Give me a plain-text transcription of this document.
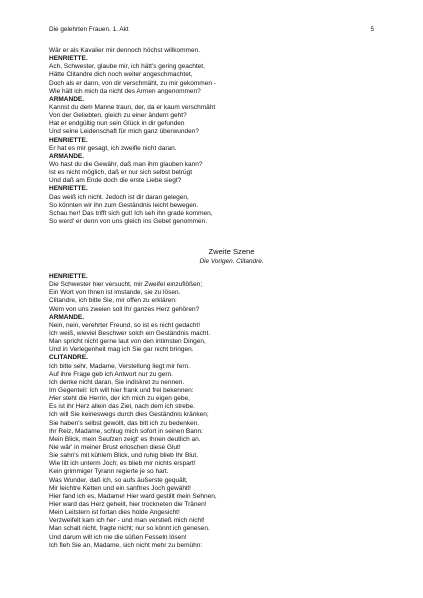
Die gelehrten Frauen. 1. Akt	5
Wär er als Kavalier mir dennoch höchst willkommen.
HENRIETTE.
Ach, Schwester, glaube mir, ich hätt's gering geachtet,
Hätte Clitandre dich noch weiter angeschmachtet,
Doch als er dann, von dir verschmäht, zu mir gekommen -
Wie hält ich mich da nicht des Armen angenommen?
ARMANDE.
Kannst du dem Manne traun, der, da er kaum verschmäht
Von der Geliebten, gleich zu einer ändern geht?
Hat er endgültig nun sein Glück in dir gefunden
Und seine Leidenschaft für mich ganz überwunden?
HENRIETTE.
Er hat es mir gesagt, ich zweifle nicht daran.
ARMANDE.
Wo hast du die Gewähr, daß man ihm glauben kann?
Ist es nicht möglich, daß er nur sich selbst betrügt
Und daß am Ende doch die erste Liebe siegt?
HENRIETTE.
Das weiß ich nicht. Jedoch ist dir daran gelegen,
So könnten wir ihn zum Geständnis leicht bewegen.
Schau her! Das trifft sich gut! Ich seh ihn grade kommen,
So werd' er denn von uns gleich ins Gebet genommen.
Zweite Szene
Die Vorigen. Clitandre.
HENRIETTE.
Die Schwester hier versucht, mir Zweifel einzuflößen;
Ein Wort von Ihnen ist imstande, sie zu lösen.
Clitandre, ich bitte Sie, mir offen zu erklären:
Wem von uns zweien soll Ihr ganzes Herz gehören?
ARMANDE.
Nein, nein, verehrter Freund, so ist es nicht gedacht!
Ich weiß, wieviel Beschwer solch ein Geständnis macht.
Man spricht nicht gerne laut von den intimsten Dingen,
Und in Verlegenheit mag ich Sie gar nicht bringen.
CLITANDRE.
Ich bitte sehr, Madame, Verstellung liegt mir fern.
Auf ihre Frage geb ich Antwort nur zu gern.
Ich denke nicht daran, Sie indiskret zu nennen.
Im Gegenteil: Ich will hier frank und frei bekennen:
Hier steht die Herrin, der ich mich zu eigen gebe,
Es ist ihr Herz allein das Ziel, nach dem ich strebe.
Ich will Sie keineswegs durch dies Geständnis kränken;
Sie haben's selbst gewollt, das bitt ich zu bedenken.
Ihr Reiz, Madame, schlug mich sofort in seinen Bann:
Mein Blick, mein Seufzen zeigt' es Ihnen deutlich an.
Nie wär' in meiner Brust erloschen diese Glut!
Sie sahn's mit kühlem Blick, und ruhig blieb Ihr Blut.
Wie litt ich unterm Joch; es blieb mir nichts erspart!
Kein grimmiger Tyrann regierte je so hart.
Was Wunder, daß ich, so aufs äußerste gequält,
Mir leichtre Ketten und ein sanftres Joch gewählt!
Hier fand ich es, Madame! Hier ward gestillt mein Sehnen,
Hier ward das Herz geheilt, hier trockneten die Tränen!
Mein Leitstern ist fortan dies holde Angesicht!
Verzweifelt kam ich her - und man verstieß mich nicht!
Man schalt nicht, fragte nicht; nur so könnt ich genesen.
Und darum will ich nie die süßen Fesseln lösen!
Ich fleh Sie an, Madame, sich nicht mehr zu bemühn:
